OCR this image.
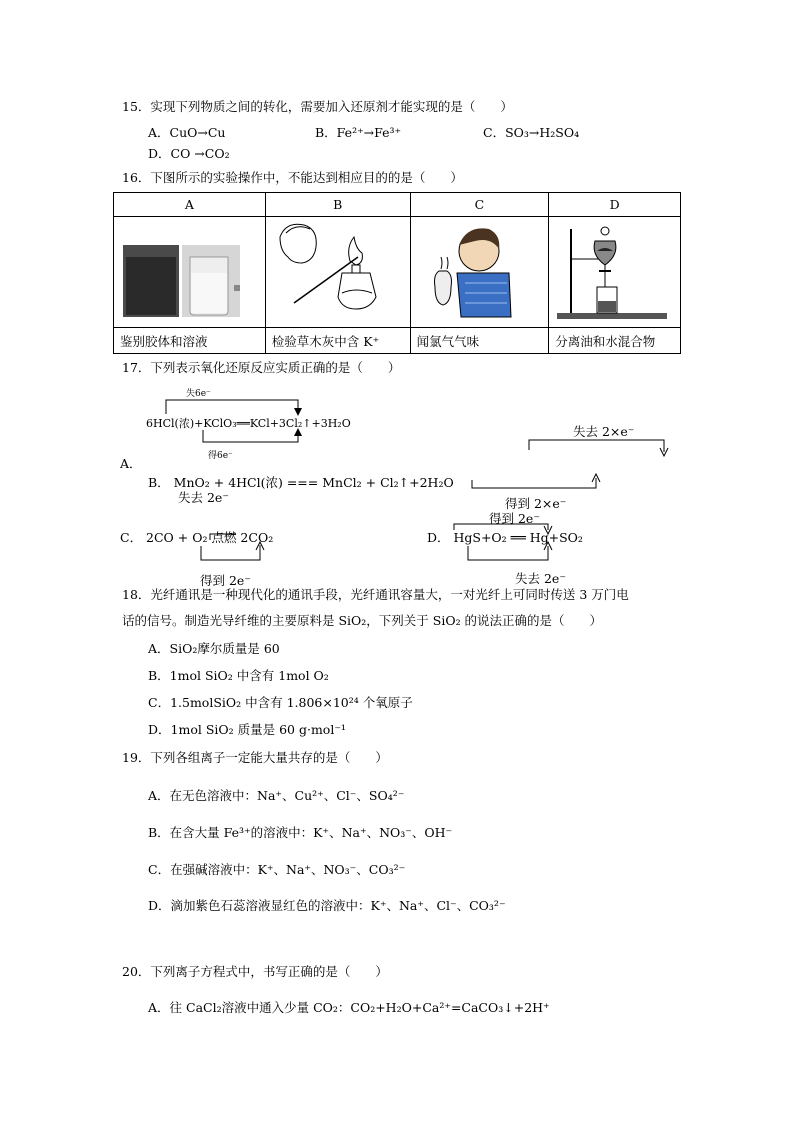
15．实现下列物质之间的转化，需要加入还原剂才能实现的是（　　）
A．CuO→Cu	B．Fe²⁺→Fe³⁺	C．SO₃→H₂SO₄
D．CO →CO₂
16．下图所示的实验操作中，不能达到相应目的的是（　　）
A	B	C	D

鉴别胶体和溶液	检验草木灰中含 K⁺	闻氯气气味	分离油和水混合物
17．下列表示氧化还原反应实质正确的是（　　）
失6e⁻
6HCl(浓)+KClO₃══KCl+3Cl₂↑+3H₂O
得6e⁻
A．
失去 2×e⁻
B． MnO₂ + 4HCl(浓) === MnCl₂ + Cl₂↑+2H₂O
得到 2×e⁻
失去 2e⁻
C． 2CO + O₂ 点燃 2CO₂
得到 2e⁻
得到 2e⁻
D． HgS+O₂ ══ Hg+SO₂
失去 2e⁻
18．光纤通讯是一种现代化的通讯手段，光纤通讯容量大，一对光纤上可同时传送 3 万门电
话的信号。制造光导纤维的主要原料是 SiO₂，下列关于 SiO₂ 的说法正确的是（　　）
A．SiO₂摩尔质量是 60
B．1mol SiO₂ 中含有 1mol O₂
C．1.5molSiO₂ 中含有 1.806×10²⁴ 个氧原子
D．1mol SiO₂ 质量是 60 g·mol⁻¹
19．下列各组离子一定能大量共存的是（　　）
A．在无色溶液中：Na⁺、Cu²⁺、Cl⁻、SO₄²⁻
B．在含大量 Fe³⁺的溶液中：K⁺、Na⁺、NO₃⁻、OH⁻
C．在强碱溶液中：K⁺、Na⁺、NO₃⁻、CO₃²⁻
D．滴加紫色石蕊溶液显红色的溶液中：K⁺、Na⁺、Cl⁻、CO₃²⁻
20．下列离子方程式中，书写正确的是（　　）
A．往 CaCl₂溶液中通入少量 CO₂：CO₂+H₂O+Ca²⁺=CaCO₃↓+2H⁺
